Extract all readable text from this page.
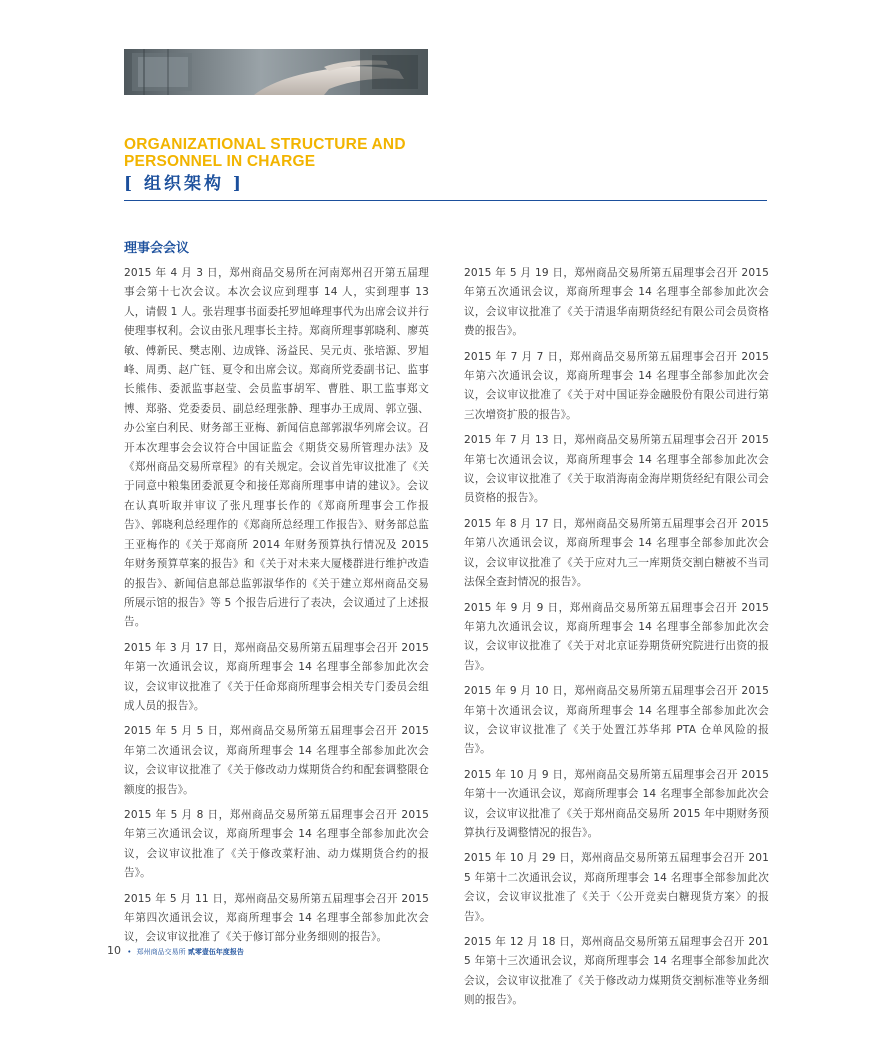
ORGANIZATIONAL STRUCTURE AND
PERSONNEL IN CHARGE
[ 组织架构 ]
理事会会议

2015 年 4 月 3 日，郑州商品交易所在河南郑州召开第五届理事会第十七次会议。本次会议应到理事 14 人，实到理事 13 人，请假 1 人。张岩理事书面委托罗旭峰理事代为出席会议并行使理事权利。会议由张凡理事长主持。郑商所理事郭晓利、廖英敏、傅新民、樊志刚、边成锋、汤益民、吴元贞、张培源、罗旭峰、周勇、赵广钰、夏令和出席会议。郑商所党委副书记、监事长熊伟、委派监事赵莹、会员监事胡军、曹胜、职工监事郑文博、郑骆、党委委员、副总经理张静、理事办王成周、郭立强、办公室白利民、财务部王亚梅、新闻信息部郭淑华列席会议。召开本次理事会会议符合中国证监会《期货交易所管理办法》及《郑州商品交易所章程》的有关规定。会议首先审议批准了《关于同意中粮集团委派夏令和接任郑商所理事申请的建议》。会议在认真听取并审议了张凡理事长作的《郑商所理事会工作报告》、郭晓利总经理作的《郑商所总经理工作报告》、财务部总监王亚梅作的《关于郑商所 2014 年财务预算执行情况及 2015 年财务预算草案的报告》和《关于对未来大厦楼群进行维护改造的报告》、新闻信息部总监郭淑华作的《关于建立郑州商品交易所展示馆的报告》等 5 个报告后进行了表决，会议通过了上述报告。

2015 年 3 月 17 日，郑州商品交易所第五届理事会召开 2015 年第一次通讯会议，郑商所理事会 14 名理事全部参加此次会议，会议审议批准了《关于任命郑商所理事会相关专门委员会组成人员的报告》。

2015 年 5 月 5 日，郑州商品交易所第五届理事会召开 2015 年第二次通讯会议，郑商所理事会 14 名理事全部参加此次会议，会议审议批准了《关于修改动力煤期货合约和配套调整限仓额度的报告》。

2015 年 5 月 8 日，郑州商品交易所第五届理事会召开 2015 年第三次通讯会议，郑商所理事会 14 名理事全部参加此次会议，会议审议批准了《关于修改菜籽油、动力煤期货合约的报告》。

2015 年 5 月 11 日，郑州商品交易所第五届理事会召开 2015 年第四次通讯会议，郑商所理事会 14 名理事全部参加此次会议，会议审议批准了《关于修订部分业务细则的报告》。

2015 年 5 月 19 日，郑州商品交易所第五届理事会召开 2015 年第五次通讯会议，郑商所理事会 14 名理事全部参加此次会议，会议审议批准了《关于清退华南期货经纪有限公司会员资格费的报告》。

2015 年 7 月 7 日，郑州商品交易所第五届理事会召开 2015 年第六次通讯会议，郑商所理事会 14 名理事全部参加此次会议，会议审议批准了《关于对中国证券金融股份有限公司进行第三次增资扩股的报告》。

2015 年 7 月 13 日，郑州商品交易所第五届理事会召开 2015 年第七次通讯会议，郑商所理事会 14 名理事全部参加此次会议，会议审议批准了《关于取消海南金海岸期货经纪有限公司会员资格的报告》。

2015 年 8 月 17 日，郑州商品交易所第五届理事会召开 2015 年第八次通讯会议，郑商所理事会 14 名理事全部参加此次会议，会议审议批准了《关于应对九三一库期货交割白糖被不当司法保全查封情况的报告》。

2015 年 9 月 9 日，郑州商品交易所第五届理事会召开 2015 年第九次通讯会议，郑商所理事会 14 名理事全部参加此次会议，会议审议批准了《关于对北京证券期货研究院进行出资的报告》。

2015 年 9 月 10 日，郑州商品交易所第五届理事会召开 2015 年第十次通讯会议，郑商所理事会 14 名理事全部参加此次会议，会议审议批准了《关于处置江苏华邦 PTA 仓单风险的报告》。

2015 年 10 月 9 日，郑州商品交易所第五届理事会召开 2015 年第十一次通讯会议，郑商所理事会 14 名理事全部参加此次会议，会议审议批准了《关于郑州商品交易所 2015 年中期财务预算执行及调整情况的报告》。

2015 年 10 月 29 日，郑州商品交易所第五届理事会召开 2015 年第十二次通讯会议，郑商所理事会 14 名理事全部参加此次会议，会议审议批准了《关于〈公开竞卖白糖现货方案〉的报告》。

2015 年 12 月 18 日，郑州商品交易所第五届理事会召开 2015 年第十三次通讯会议，郑商所理事会 14 名理事全部参加此次会议，会议审议批准了《关于修改动力煤期货交割标准等业务细则的报告》。

10 • 郑州商品交易所 贰零壹伍年度报告
